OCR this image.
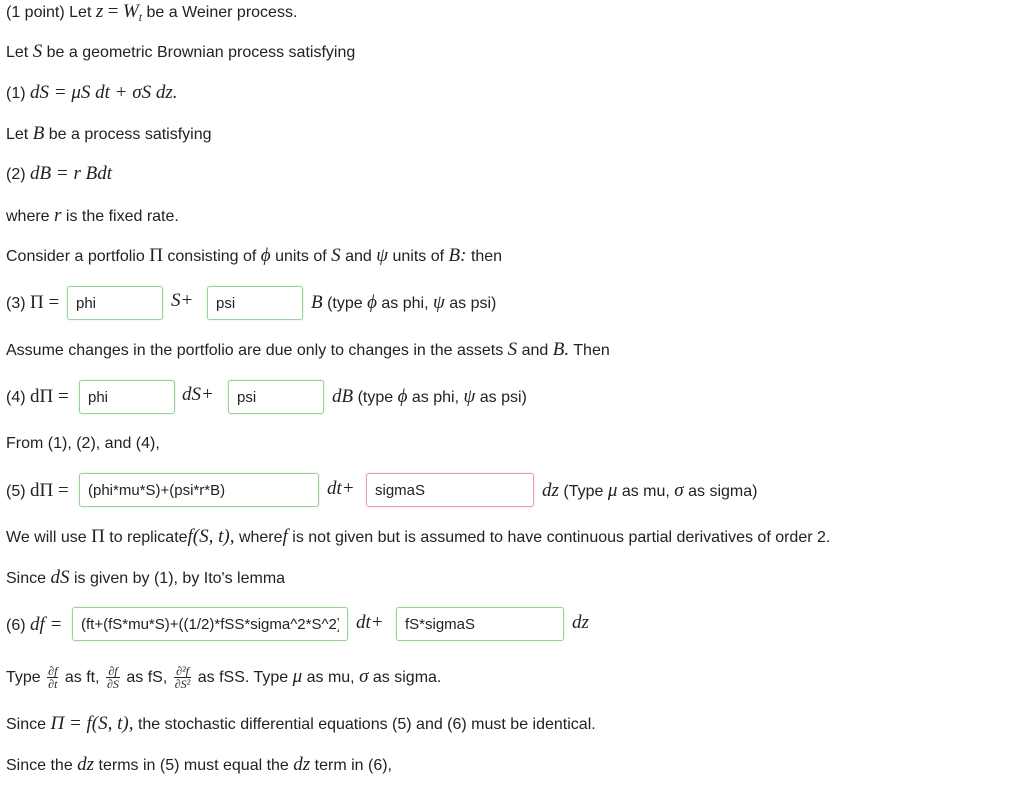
(1 point) Let $z = W_t$ be a Weiner process.
Let S be a geometric Brownian process satisfying
(1) dS = μS dt + σS dz.
Let B be a process satisfying
(2) dB = r Bdt
where r is the fixed rate.
Consider a portfolio Π consisting of ϕ units of S and ψ units of B: then
(3) Π =
phi	S+
psi	B (type ϕ as phi, ψ as psi)
Assume changes in the portfolio are due only to changes in the assets S and B. Then
(4) dΠ =
phi	dS+
psi	dB (type ϕ as phi, ψ as psi)
From (1), (2), and (4),
(5) dΠ =
(phi*mu*S)+(psi*r*B)	dt+
sigmaS	dz (Type μ as mu, σ as sigma)
We will use Π to replicatef(S, t), wheref is not given but is assumed to have continuous partial derivatives of order 2.
Since dS is given by (1), by Ito's lemma
(6) df =
(ft+(fS*mu*S)+((1/2)*fSS*sigma^2*S^2))	dt+
fS*sigmaS	dz
Type $\frac{\partial f}{\partial t}$ as ft, $\frac{\partial f}{\partial S}$ as fS, $\frac{\text{∂²f}}{\text{∂S²}}$ as fSS. Type μ as mu, σ as sigma.
Since Π = f(S, t), the stochastic differential equations (5) and (6) must be identical.
Since the dz terms in (5) must equal the dz term in (6),
